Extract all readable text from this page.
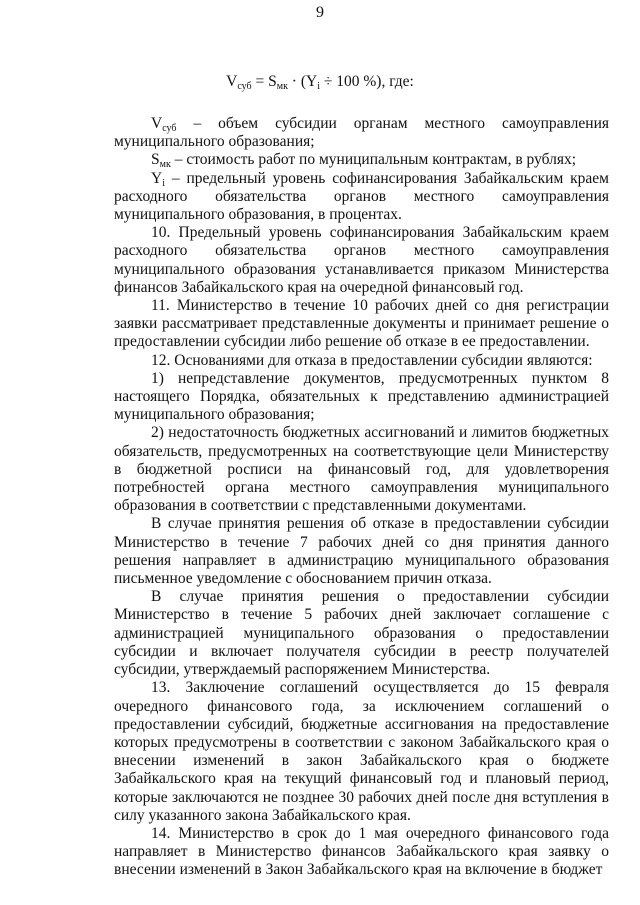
9
$V_{суб} = S_{мк} \cdot (Y_i \div 100$ %), где:

$V_{суб}$ – объем субсидии органам местного самоуправления муниципального образования;

$S_{мк}$ – стоимость работ по муниципальным контрактам, в рублях;

$Y_i$ – предельный уровень софинансирования Забайкальским краем расходного обязательства органов местного самоуправления муниципального образования, в процентах.

10. Предельный уровень софинансирования Забайкальским краем расходного обязательства органов местного самоуправления муниципального образования устанавливается приказом Министерства финансов Забайкальского края на очередной финансовый год.

11. Министерство в течение 10 рабочих дней со дня регистрации заявки рассматривает представленные документы и принимает решение о предоставлении субсидии либо решение об отказе в ее предоставлении.

12. Основаниями для отказа в предоставлении субсидии являются:

1) непредставление документов, предусмотренных пунктом 8 настоящего Порядка, обязательных к представлению администрацией муниципального образования;

2) недостаточность бюджетных ассигнований и лимитов бюджетных обязательств, предусмотренных на соответствующие цели Министерству в бюджетной росписи на финансовый год, для удовлетворения потребностей органа местного самоуправления муниципального образования в соответствии с представленными документами.

В случае принятия решения об отказе в предоставлении субсидии Министерство в течение 7 рабочих дней со дня принятия данного решения направляет в администрацию муниципального образования письменное уведомление с обоснованием причин отказа.

В случае принятия решения о предоставлении субсидии Министерство в течение 5 рабочих дней заключает соглашение с администрацией муниципального образования о предоставлении субсидии и включает получателя субсидии в реестр получателей субсидии, утверждаемый распоряжением Министерства.

13. Заключение соглашений осуществляется до 15 февраля очередного финансового года, за исключением соглашений о предоставлении субсидий, бюджетные ассигнования на предоставление которых предусмотрены в соответствии с законом Забайкальского края о внесении изменений в закон Забайкальского края о бюджете Забайкальского края на текущий финансовый год и плановый период, которые заключаются не позднее 30 рабочих дней после дня вступления в силу указанного закона Забайкальского края.

14. Министерство в срок до 1 мая очередного финансового года направляет в Министерство финансов Забайкальского края заявку о внесении изменений в Закон Забайкальского края на включение в бюджет
